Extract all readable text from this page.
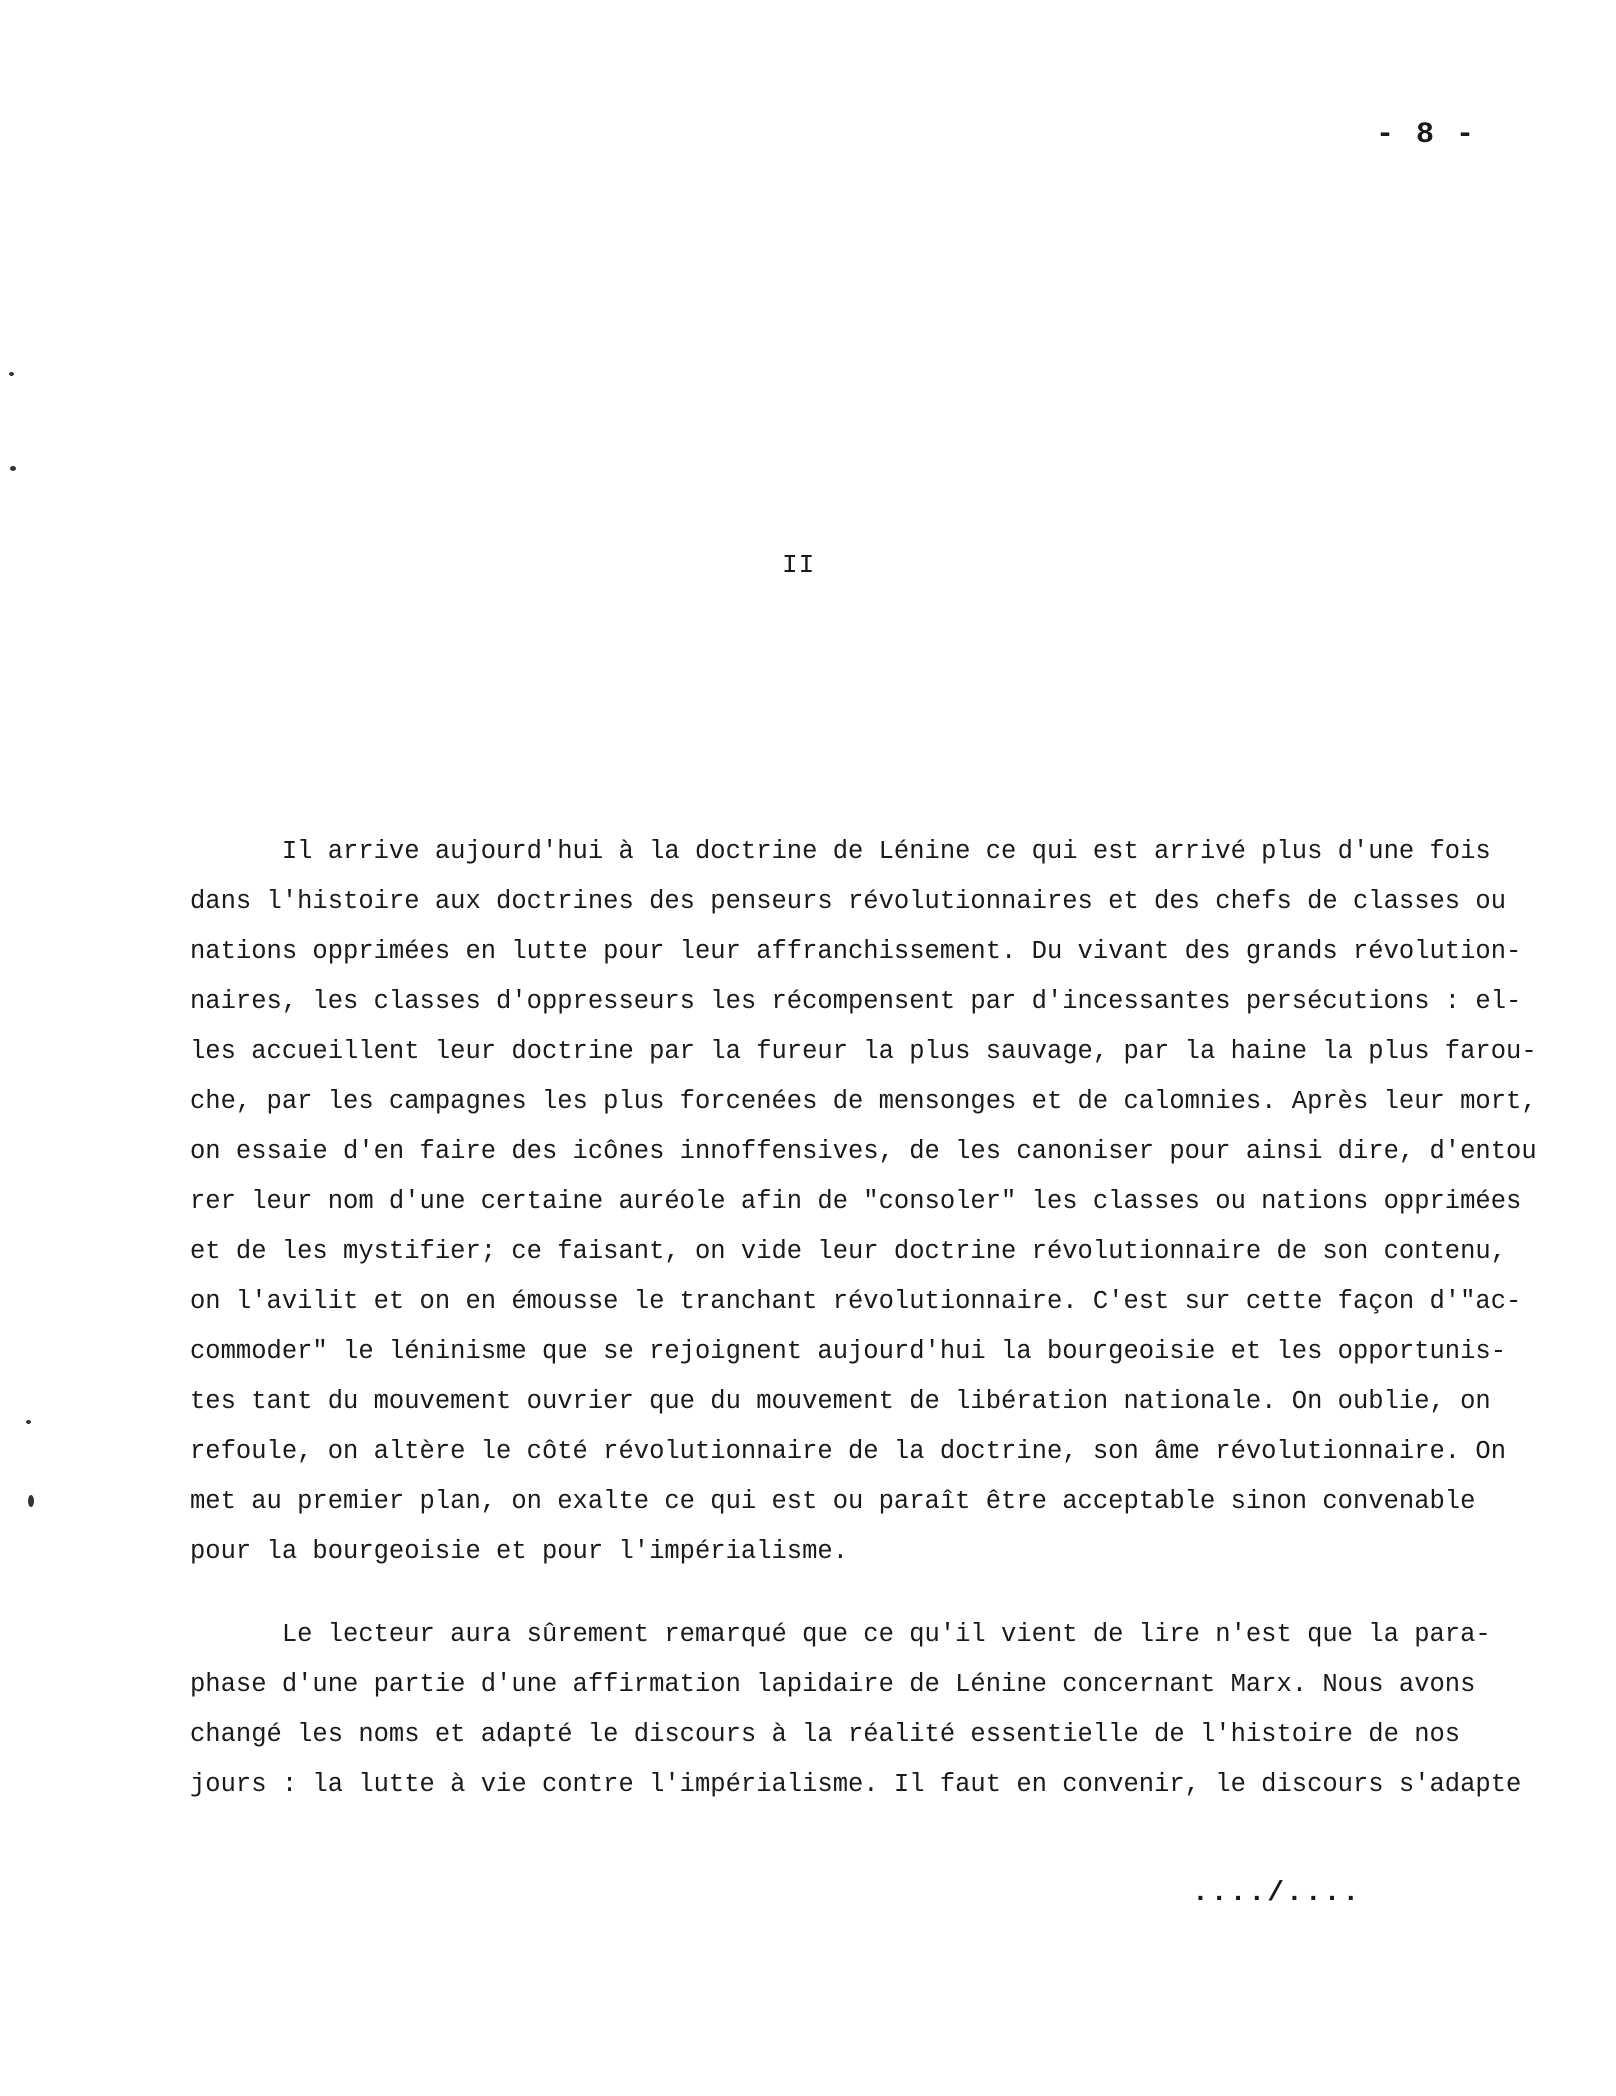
- 8 -
II

Il arrive aujourd'hui à la doctrine de Lénine ce qui est arrivé plus d'une fois
dans l'histoire aux doctrines des penseurs révolutionnaires et des chefs de classes ou
nations opprimées en lutte pour leur affranchissement. Du vivant des grands révolution-
naires, les classes d'oppresseurs les récompensent par d'incessantes persécutions : el-
les accueillent leur doctrine par la fureur la plus sauvage, par la haine la plus farou-
che, par les campagnes les plus forcenées de mensonges et de calomnies. Après leur mort,
on essaie d'en faire des icônes innoffensives, de les canoniser pour ainsi dire, d'entou
rer leur nom d'une certaine auréole afin de "consoler" les classes ou nations opprimées
et de les mystifier; ce faisant, on vide leur doctrine révolutionnaire de son contenu,
on l'avilit et on en émousse le tranchant révolutionnaire. C'est sur cette façon d'"ac-
commoder" le léninisme que se rejoignent aujourd'hui la bourgeoisie et les opportunis-
tes tant du mouvement ouvrier que du mouvement de libération nationale. On oublie, on
refoule, on altère le côté révolutionnaire de la doctrine, son âme révolutionnaire. On
met au premier plan, on exalte ce qui est ou paraît être acceptable sinon convenable
pour la bourgeoisie et pour l'impérialisme.

Le lecteur aura sûrement remarqué que ce qu'il vient de lire n'est que la para-
phase d'une partie d'une affirmation lapidaire de Lénine concernant Marx. Nous avons
changé les noms et adapté le discours à la réalité essentielle de l'histoire de nos
jours : la lutte à vie contre l'impérialisme. Il faut en convenir, le discours s'adapte

..../....
